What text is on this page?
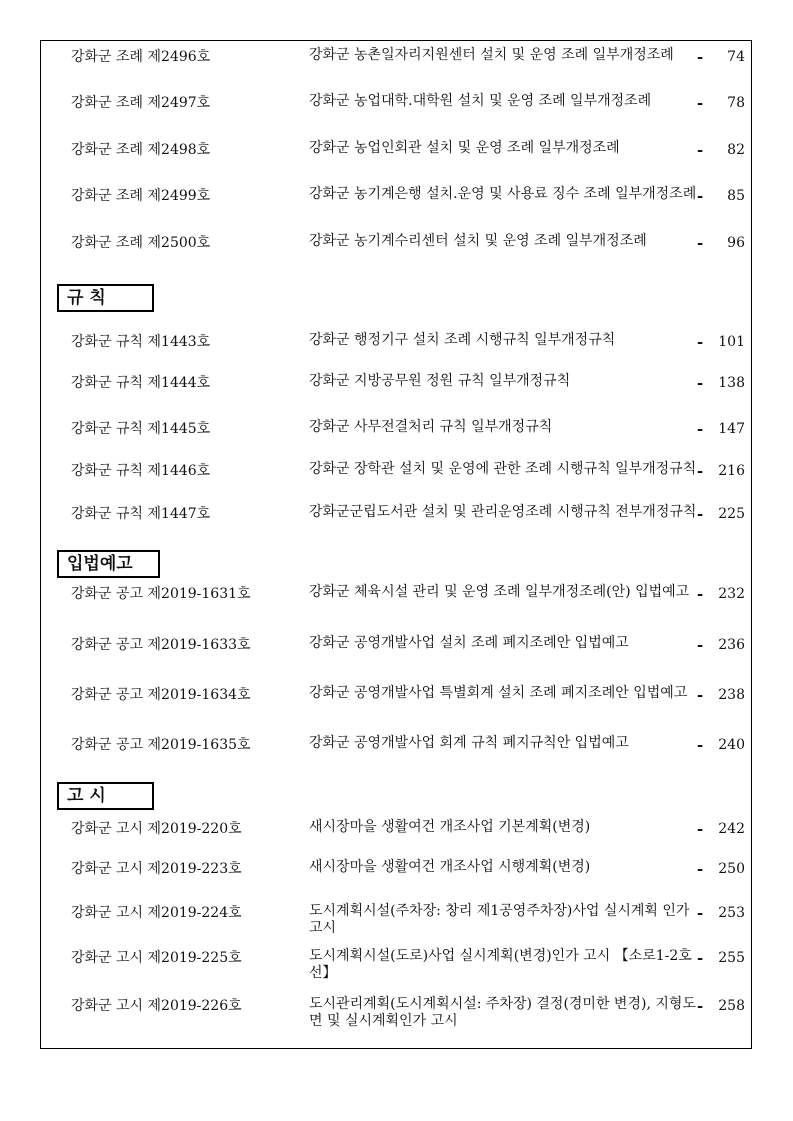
강화군 조례 제2496호	강화군 농촌일자리지원센터 설치 및 운영 조례 일부개정조례	- 74
강화군 조례 제2497호	강화군 농업대학.대학원 설치 및 운영 조례 일부개정조례	- 78
강화군 조례 제2498호	강화군 농업인회관 설치 및 운영 조례 일부개정조례	- 82
강화군 조례 제2499호	강화군 농기계은행 설치.운영 및 사용료 징수 조례 일부개정조례 - 85
강화군 조례 제2500호	강화군 농기계수리센터 설치 및 운영 조례 일부개정조례	- 96
규 칙
강화군 규칙 제1443호	강화군 행정기구 설치 조례 시행규칙 일부개정규칙	- 101
강화군 규칙 제1444호	강화군 지방공무원 정원 규칙 일부개정규칙	- 138
강화군 규칙 제1445호	강화군 사무전결처리 규칙 일부개정규칙	- 147
강화군 규칙 제1446호	강화군 장학관 설치 및 운영에 관한 조례 시행규칙 일부개정규칙 - 216
강화군 규칙 제1447호	강화군군립도서관 설치 및 관리운영조례 시행규칙 전부개정규칙 - 225
입법예고
강화군 공고 제2019-1631호	강화군 체육시설 관리 및 운영 조례 일부개정조례(안) 입법예고 - 232
강화군 공고 제2019-1633호	강화군 공영개발사업 설치 조례 폐지조례안 입법예고	- 236
강화군 공고 제2019-1634호	강화군 공영개발사업 특별회계 설치 조례 폐지조례안 입법예고 - 238
강화군 공고 제2019-1635호	강화군 공영개발사업 회계 규칙 폐지규칙안 입법예고	- 240
고 시
강화군 고시 제2019-220호	새시장마을 생활여건 개조사업 기본계획(변경)	- 242
강화군 고시 제2019-223호	새시장마을 생활여건 개조사업 시행계획(변경)	- 250
강화군 고시 제2019-224호	도시계획시설(주차장: 창리 제1공영주차장)사업 실시계획 인가 고시
- 253
강화군 고시 제2019-225호	도시계획시설(도로)사업 실시계획(변경)인가 고시 【소로1-2호선】
- 255
강화군 고시 제2019-226호	도시관리계획(도시계획시설: 주차장) 결정(경미한 변경), 지형도면 및 실시계획인가 고시
- 258
